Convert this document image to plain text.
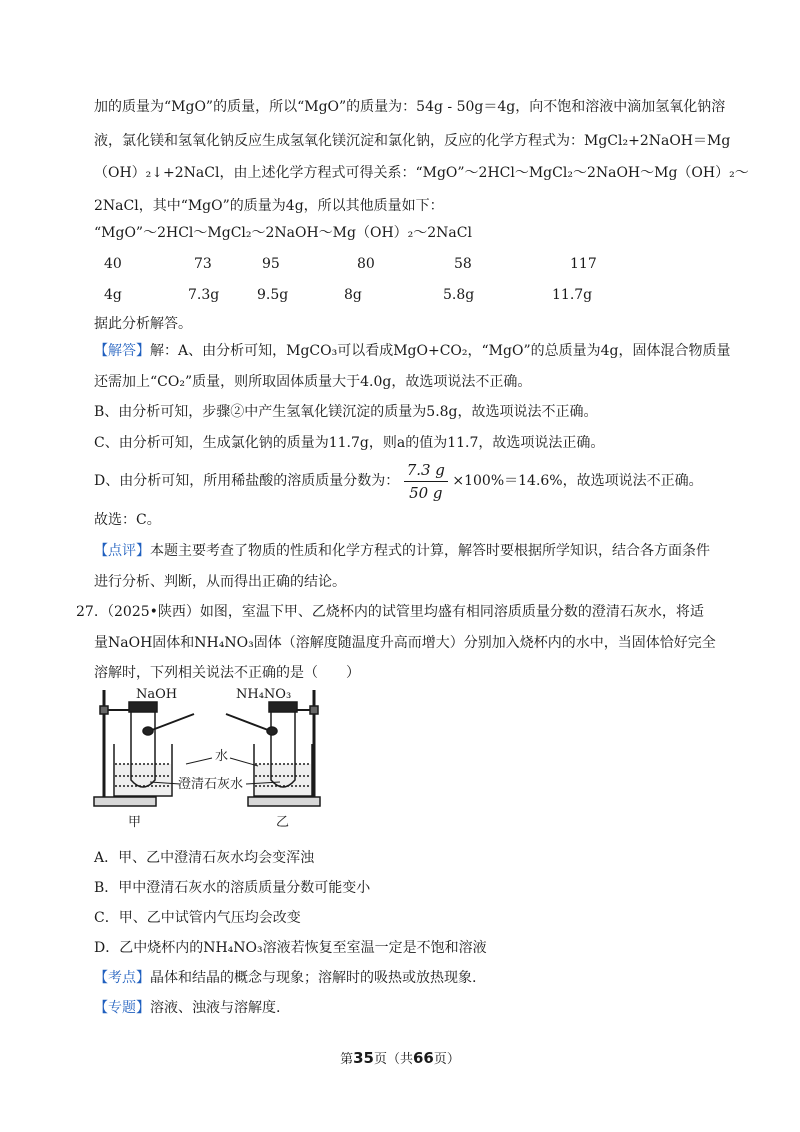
加的质量为“MgO”的质量，所以“MgO”的质量为：54g - 50g＝4g，向不饱和溶液中滴加氢氧化钠溶
液，氯化镁和氢氧化钠反应生成氢氧化镁沉淀和氯化钠，反应的化学方程式为：MgCl₂+2NaOH＝Mg
（OH）₂↓+2NaCl，由上述化学方程式可得关系：“MgO”～2HCl～MgCl₂～2NaOH～Mg（OH）₂～
2NaCl，其中“MgO”的质量为4g，所以其他质量如下：
“MgO”～2HCl～MgCl₂～2NaOH～Mg（OH）₂～2NaCl
40	73	95	80	58	117
4g	7.3g	9.5g	8g	5.8g	11.7g
据此分析解答。
【解答】解：A、由分析可知，MgCO₃可以看成MgO+CO₂，“MgO”的总质量为4g，固体混合物质量
还需加上“CO₂”质量，则所取固体质量大于4.0g，故选项说法不正确。
B、由分析可知，步骤②中产生氢氧化镁沉淀的质量为5.8g，故选项说法不正确。
C、由分析可知，生成氯化钠的质量为11.7g，则a的值为11.7，故选项说法正确。
D、由分析可知，所用稀盐酸的溶质质量分数为： $\frac{7.3 g}{50 g} \times 100\%=14.6\%$，故选项说法不正确。
故选：C。
【点评】本题主要考查了物质的性质和化学方程式的计算，解答时要根据所学知识，结合各方面条件
进行分析、判断，从而得出正确的结论。
27. （2025•陕西）如图，室温下甲、乙烧杯内的试管里均盛有相同溶质质量分数的澄清石灰水，将适
量NaOH固体和NH₄NO₃固体（溶解度随温度升高而增大）分别加入烧杯内的水中，当固体恰好完全
溶解时，下列相关说法不正确的是（　　）
NaOH	NH₄NO₃
水
澄清石灰水
甲	乙
A．甲、乙中澄清石灰水均会变浑浊
B．甲中澄清石灰水的溶质质量分数可能变小
C．甲、乙中试管内气压均会改变
D．乙中烧杯内的NH₄NO₃溶液若恢复至室温一定是不饱和溶液
【考点】晶体和结晶的概念与现象；溶解时的吸热或放热现象.
【专题】溶液、浊液与溶解度.
第35页（共66页）
